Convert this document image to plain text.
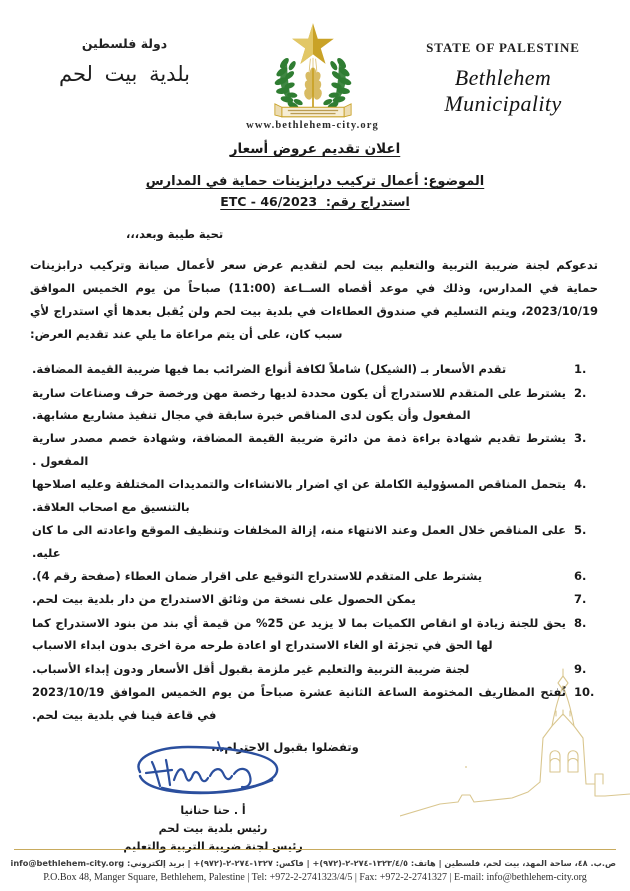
دولة فلسطين
بلدية بيت لحم
www.bethlehem-city.org
STATE OF PALESTINE
Bethlehem Municipality
اعلان تقديم عروض أسعار
الموضوع: أعمال تركيب درابزينات حماية في المدارس
استدراج رقم:  ETC - 46/2023
تحية طيبة وبعد،،،
تدعوكم لجنة ضريبة التربية والتعليم بيت لحم لتقديم عرض سعر لأعمال صيانة وتركيب درابزينات حماية في المدارس، وذلك في موعد أقصاه الســاعة (11:00) صباحاً من يوم الخميس الموافق 2023/10/19، ويتم التسليم في صندوق العطاءات في بلدية بيت لحم ولن يُقبل بعدها أي استدراج لأي سبب كان، على أن يتم مراعاة ما يلي عند تقديم العرض:
تقدم الأسعار بـ (الشيكل) شاملاً لكافة أنواع الضرائب بما فيها ضريبة القيمة المضافة.
يشترط على المتقدم للاستدراج أن يكون محددة لديها رخصة مهن ورخصة حرف وصناعات سارية المفعول وأن يكون لدى المناقص خبرة سابقة في مجال تنفيذ مشاريع مشابهة.
يشترط تقديم شهادة براءة ذمة من دائرة ضريبة القيمة المضافة، وشهادة خصم مصدر سارية المفعول .
يتحمل المناقص المسؤولية الكاملة عن اي اضرار بالانشاءات والتمديدات المختلفة وعليه اصلاحها بالتنسيق مع اصحاب العلاقة.
على المناقص خلال العمل وعند الانتهاء منه، إزالة المخلفات وتنظيف الموقع واعادته الى ما كان عليه.
يشترط على المتقدم للاستدراج التوقيع على اقرار ضمان العطاء (صفحة رقم 4).
يمكن الحصول على نسخة من وثائق الاستدراج من دار بلدية بيت لحم.
يحق للجنة زيادة او انقاص الكميات بما لا يزيد عن 25% من قيمة أي بند من بنود الاستدراج كما لها الحق في تجزئة او الغاء الاستدراج او اعادة طرحه مرة اخرى بدون ابداء الاسباب
لجنة ضريبة التربية والتعليم غير ملزمة بقبول أقل الأسعار ودون إبداء الأسباب.
تُفتح المظاريف المختومة الساعة الثانية عشرة صباحاً من يوم الخميس الموافق 2023/10/19 في قاعة فينا في بلدية بيت لحم.
وتفضلوا بقبول الاحترام،،،
أ . حنا حنانيا
رئيس بلدية بيت لحم
رئيس لجنة ضريبة التربية والتعليم
ص.ب. ٤٨، ساحة المهد، بيت لحم، فلسطين | هاتف: ١٣٢٣/٤/٥-٢٧٤-٢-(٩٧٢)+ | فاكس: ١٣٢٧-٢٧٤-٢-(٩٧٢)+ | بريد إلكتروني: info@bethlehem-city.org
P.O.Box 48, Manger Square, Bethlehem, Palestine | Tel: +972-2-2741323/4/5 | Fax: +972-2-2741327 | E-mail: info@bethlehem-city.org
